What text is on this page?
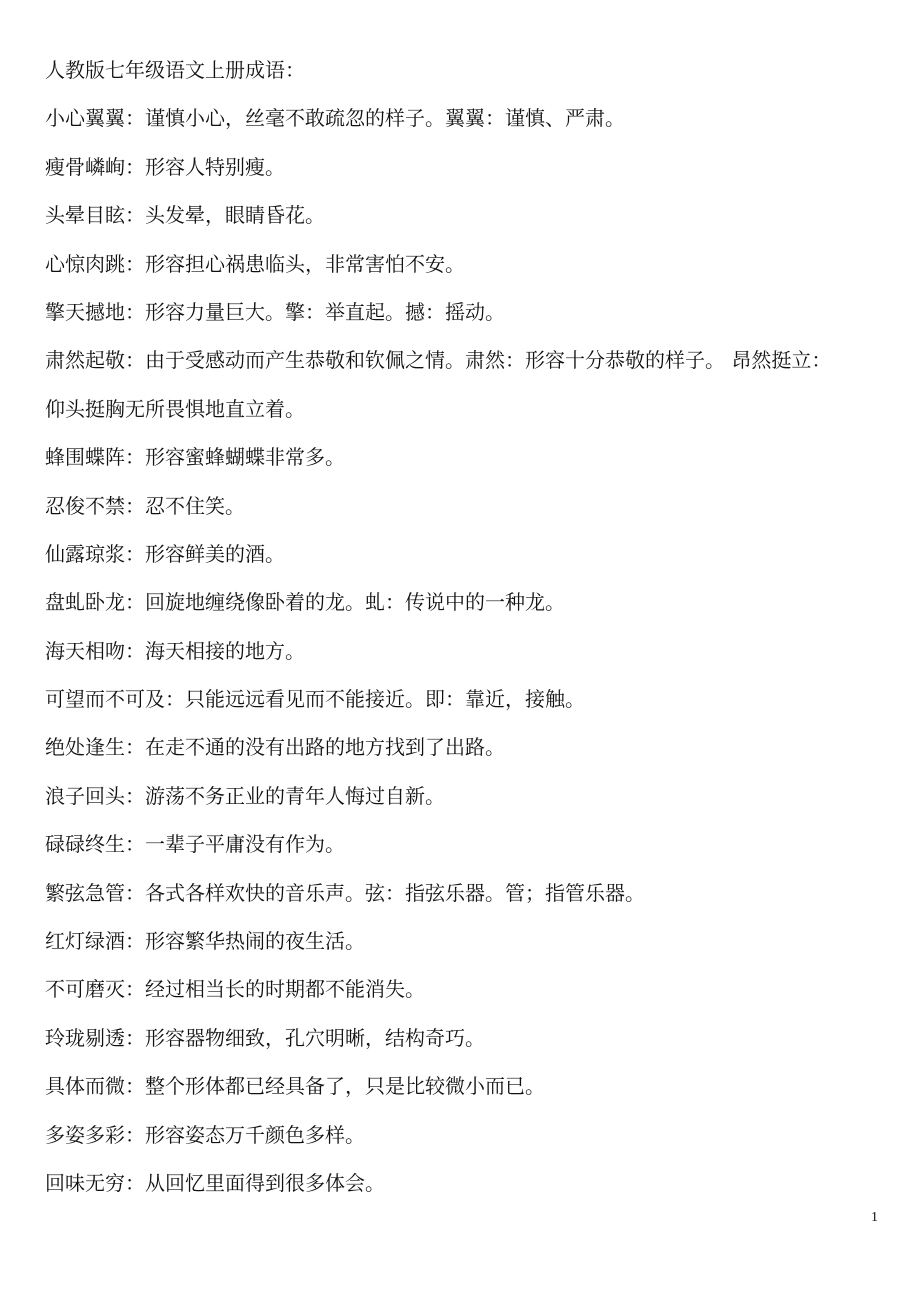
人教版七年级语文上册成语：
小心翼翼：谨慎小心，丝毫不敢疏忽的样子。翼翼：谨慎、严肃。
瘦骨嶙峋：形容人特别瘦。
头晕目眩：头发晕，眼睛昏花。
心惊肉跳：形容担心祸患临头，非常害怕不安。
擎天撼地：形容力量巨大。擎：举直起。撼：摇动。
肃然起敬：由于受感动而产生恭敬和钦佩之情。肃然：形容十分恭敬的样子。 昂然挺立：
仰头挺胸无所畏惧地直立着。
蜂围蝶阵：形容蜜蜂蝴蝶非常多。
忍俊不禁：忍不住笑。
仙露琼浆：形容鲜美的酒。
盘虬卧龙：回旋地缠绕像卧着的龙。虬：传说中的一种龙。
海天相吻：海天相接的地方。
可望而不可及：只能远远看见而不能接近。即：靠近，接触。
绝处逢生：在走不通的没有出路的地方找到了出路。
浪子回头：游荡不务正业的青年人悔过自新。
碌碌终生：一辈子平庸没有作为。
繁弦急管：各式各样欢快的音乐声。弦：指弦乐器。管；指管乐器。
红灯绿酒：形容繁华热闹的夜生活。
不可磨灭：经过相当长的时期都不能消失。
玲珑剔透：形容器物细致，孔穴明晰，结构奇巧。
具体而微：整个形体都已经具备了，只是比较微小而已。
多姿多彩：形容姿态万千颜色多样。
回味无穷：从回忆里面得到很多体会。
1
